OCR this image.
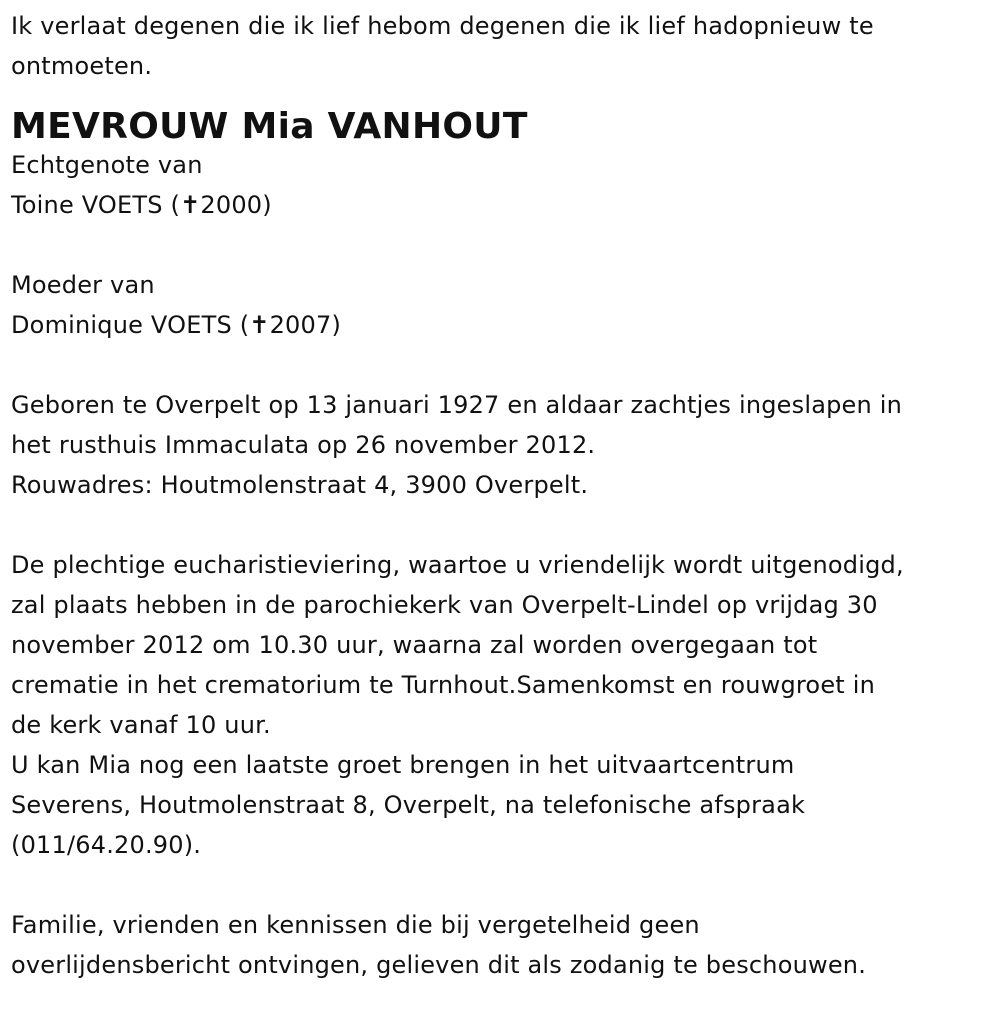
Ik verlaat degenen die ik lief hebom degenen die ik lief hadopnieuw te
ontmoeten.

MEVROUW Mia VANHOUT

Echtgenote van
Toine VOETS (✝2000)

Moeder van
Dominique VOETS (✝2007)

Geboren te Overpelt op 13 januari 1927 en aldaar zachtjes ingeslapen in
het rusthuis Immaculata op 26 november 2012.
Rouwadres: Houtmolenstraat 4, 3900 Overpelt.

De plechtige eucharistieviering, waartoe u vriendelijk wordt uitgenodigd,
zal plaats hebben in de parochiekerk van Overpelt-Lindel op vrijdag 30
november 2012 om 10.30 uur, waarna zal worden overgegaan tot
crematie in het crematorium te Turnhout.Samenkomst en rouwgroet in
de kerk vanaf 10 uur.
U kan Mia nog een laatste groet brengen in het uitvaartcentrum
Severens, Houtmolenstraat 8, Overpelt, na telefonische afspraak
(011/64.20.90).

Familie, vrienden en kennissen die bij vergetelheid geen
overlijdensbericht ontvingen, gelieven dit als zodanig te beschouwen.
